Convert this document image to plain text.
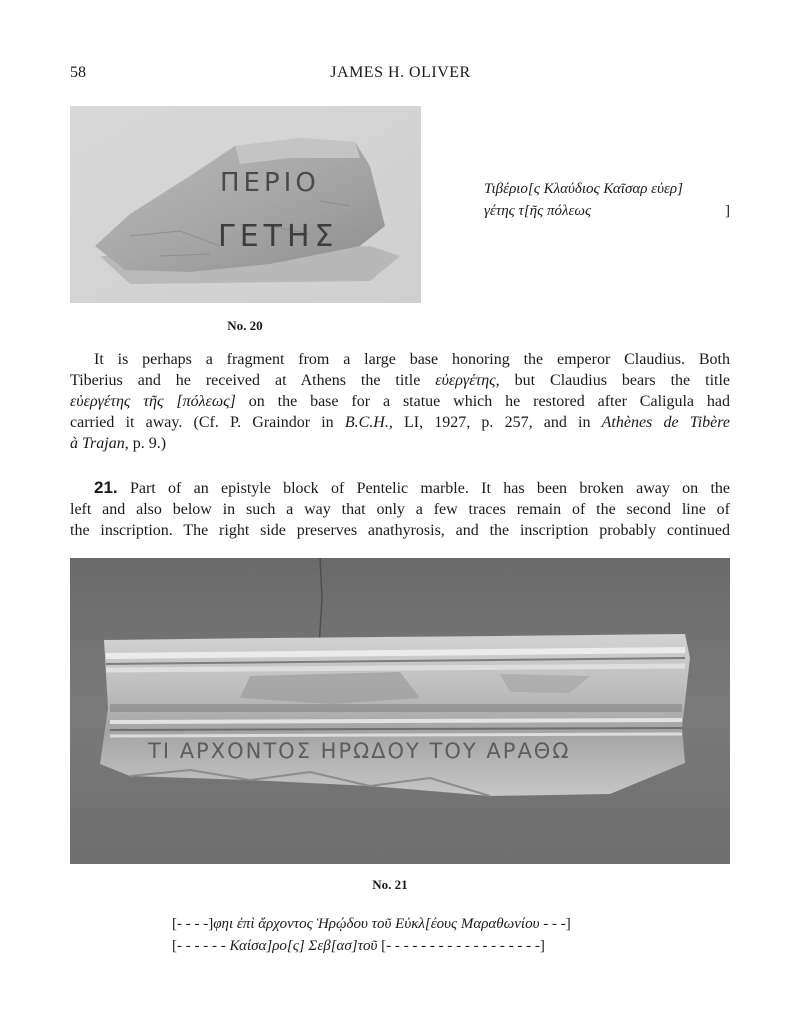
58	JAMES H. OLIVER
ΠΕΡΙΟ
ΓΕΤΗΣ
No. 20
Τιβέριο[ς Κλαύδιος Καῖσαρ εὐερ]
γέτης τ[ῆς πόλεως	]
It is perhaps a fragment from a large base honoring the emperor Claudius. Both
Tiberius and he received at Athens the title εὐεργέτης, but Claudius bears the title
εὐεργέτης τῆς [πόλεως] on the base for a statue which he restored after Caligula had
carried it away. (Cf. P. Graindor in B.C.H., LI, 1927, p. 257, and in Athènes de Tibère
à Trajan, p. 9.)
21. Part of an epistyle block of Pentelic marble. It has been broken away on the
left and also below in such a way that only a few traces remain of the second line of
the inscription. The right side preserves anathyrosis, and the inscription probably continued
ΤΙ ΑΡΧΟΝΤΟΣ ΗΡΩΔΟΥ ΤΟΥ ΑΡΑΘΩ
No. 21
[- - - -]φηι ἐπὶ ἄρχοντος Ἡρῴδου τοῦ Εὐκλ[έους Μαραθωνίου - - -]
[- - - - - - Καίσα]ρο[ς] Σεβ[ασ]τοῦ [- - - - - - - - - - - - - - - - - -]
